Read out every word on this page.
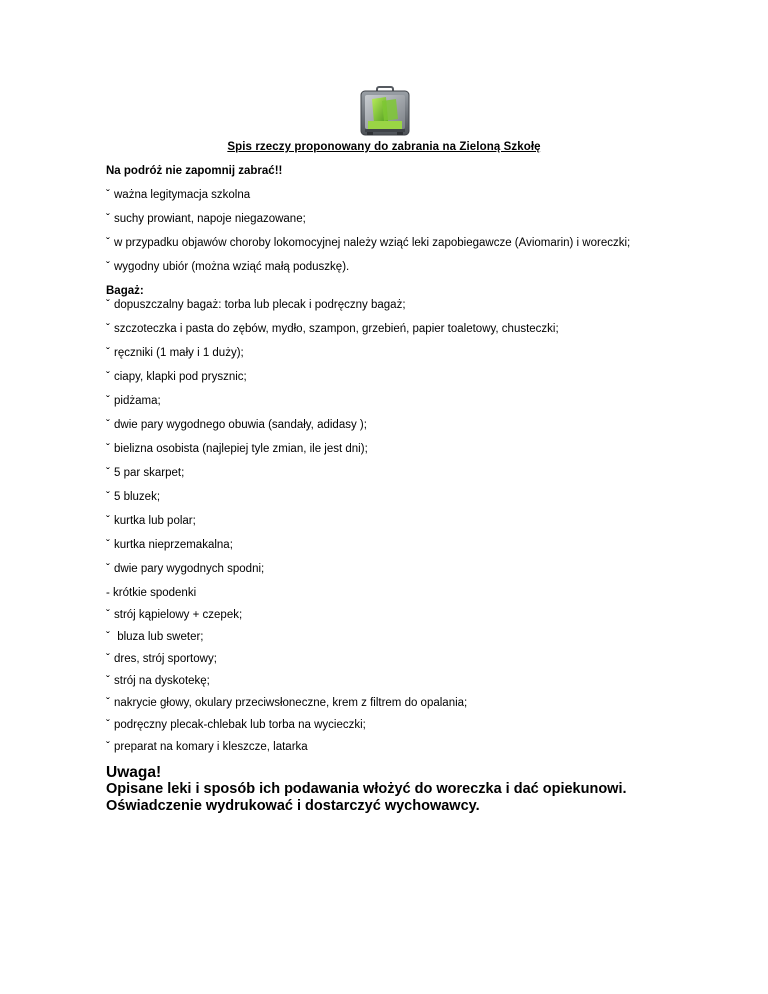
Spis rzeczy proponowany do zabrania na Zieloną Szkołę

Na podróż nie zapomnij zabrać!!

ˇ ważna legitymacja szkolna

ˇ suchy prowiant, napoje niegazowane;

ˇ w przypadku objawów choroby lokomocyjnej należy wziąć leki zapobiegawcze (Aviomarin) i woreczki;

ˇ wygodny ubiór (można wziąć małą poduszkę).

Bagaż:

ˇ dopuszczalny bagaż: torba lub plecak i podręczny bagaż;

ˇ szczoteczka i pasta do zębów, mydło, szampon, grzebień, papier toaletowy, chusteczki;

ˇ ręczniki (1 mały i 1 duży);

ˇ ciapy, klapki pod prysznic;

ˇ pidżama;

ˇ dwie pary wygodnego obuwia (sandały, adidasy );

ˇ bielizna osobista (najlepiej tyle zmian, ile jest dni);

ˇ 5 par skarpet;

ˇ 5 bluzek;

ˇ kurtka lub polar;

ˇ kurtka nieprzemakalna;

ˇ dwie pary wygodnych spodni;

- krótkie spodenki

ˇ strój kąpielowy + czepek;

ˇ bluza lub sweter;

ˇ dres, strój sportowy;

ˇ strój na dyskotekę;

ˇ nakrycie głowy, okulary przeciwsłoneczne, krem z filtrem do opalania;

ˇ podręczny plecak-chlebak lub torba na wycieczki;

ˇ preparat na komary i kleszcze, latarka

Uwaga!
Opisane leki i sposób ich podawania włożyć do woreczka i dać opiekunowi.
Oświadczenie wydrukować i dostarczyć wychowawcy.
